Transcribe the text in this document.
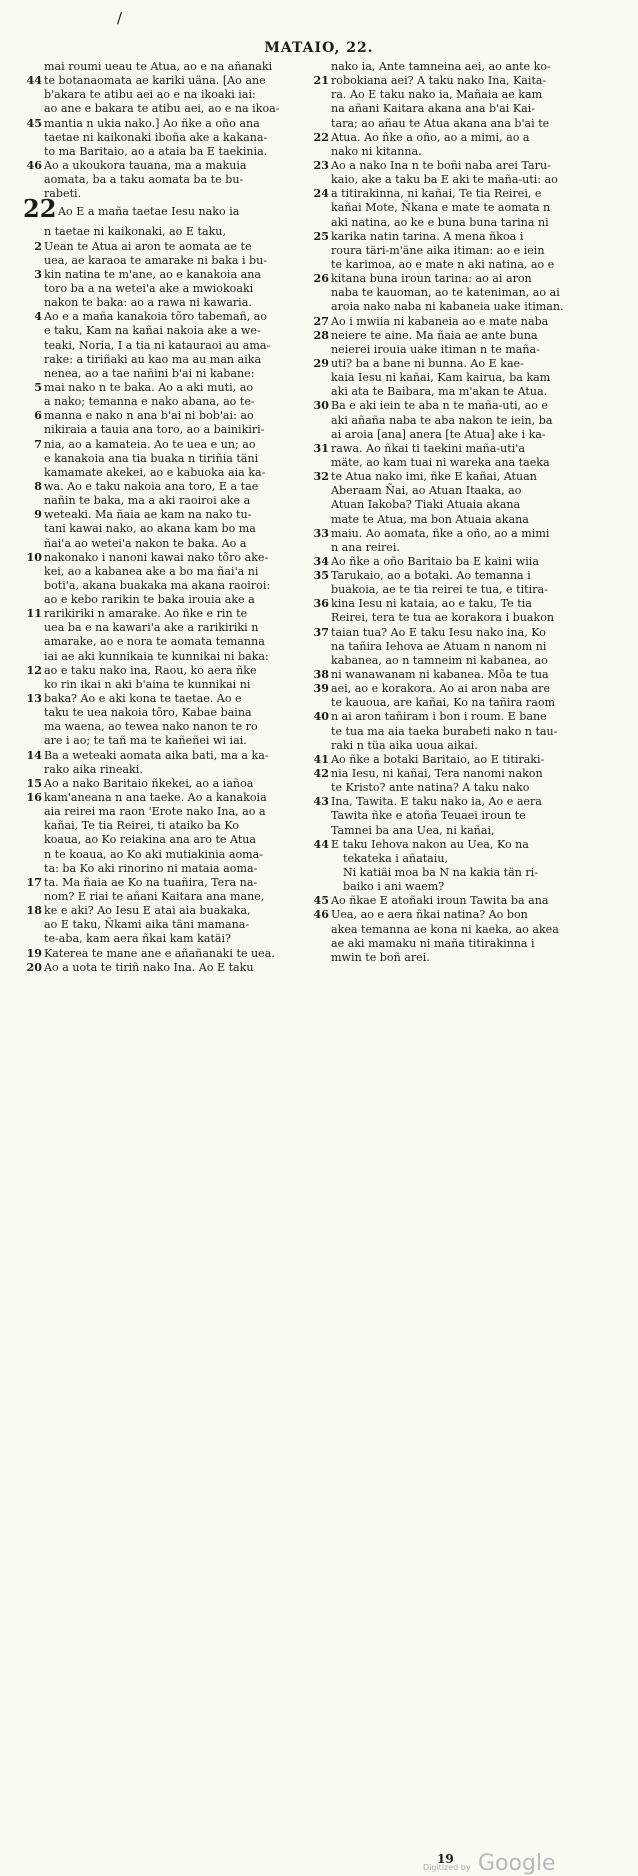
/
MATAIO, 22.
mai roumi ueau te Atua, ao e na añanaki
44 te botanaomata ae kariki uäna. [Ao ane
b'akara te atibu aei ao e na ikoaki iai:
ao ane e bakara te atibu aei, ao e na ikoa-
45 mantia n ukia nako.] Ao ñke a oño ana
taetae ni kaikonaki iboña ake a kakana-
to ma Baritaio, ao a ataia ba E taekinia.
46 Ao a ukoukora tauana, ma a makuia
aomata, ba a taku aomata ba te bu-
rabeti.
22 Ao E a maña taetae Iesu nako ia
n taetae ni kaikonaki, ao E taku,
2 Uean te Atua ai aron te aomata ae te
uea, ae karaoa te amarake ni baka i bu-
3 kin natina te m'ane, ao e kanakoia ana
toro ba a na wetei'a ake a mwiokoaki
nakon te baka: ao a rawa ni kawaria.
4 Ao e a maña kanakoia tõro tabemañ, ao
e taku, Kam na kañai nakoia ake a we-
teaki, Noria, I a tia ni katauraoi au ama-
rake: a tiriñaki au kao ma au man aika
nenea, ao a tae nañini b'ai ni kabane:
5 mai nako n te baka. Ao a aki muti, ao
a nako; temanna e nako abana, ao te-
6 manna e nako n ana b'ai ni bob'ai: ao
nikiraia a tauia ana toro, ao a bainikiri-
7 nia, ao a kamateia. Ao te uea e un; ao
e kanakoia ana tia buaka n tiriñia täni
kamamate akekei, ao e kabuoka aia ka-
8 wa. Ao e taku nakoia ana toro, E a tae
nañin te baka, ma a aki raoiroi ake a
9 weteaki. Ma ñaia ae kam na nako tu-
tani kawai nako, ao akana kam bo ma
ñai'a ao wetei'a nakon te baka. Ao a
10 nakonako i nanoni kawai nako tõro ake-
kei, ao a kabanea ake a bo ma ñai'a ni
boti'a, akana buakaka ma akana raoiroi:
ao e kebo rarikin te baka irouia ake a
11 rarikiriki n amarake. Ao ñke e rin te
uea ba e na kawari'a ake a rarikiriki n
amarake, ao e nora te aomata temanna
iai ae aki kunnikaia te kunnikai ni baka:
12 ao e taku nako ina, Raou, ko aera ñke
ko rin ikai n aki b'aina te kunnikai ni
13 baka? Ao e aki kona te taetae. Ao e
taku te uea nakoia tõro, Kabae baina
ma waena, ao tewea nako nanon te ro
are i ao; te tañ ma te kañeñei wi iai.
14 Ba a weteaki aomata aika bati, ma a ka-
rako aika rineaki.
15 Ao a nako Baritaio ñkekei, ao a iañoa
16 kam'aneana n ana taeke. Ao a kanakoia
aia reirei ma raon 'Erote nako Ina, ao a
kañai, Te tia Reirei, ti ataiko ba Ko
koaua, ao Ko reiakina ana aro te Atua
n te koaua, ao Ko aki mutiakinia aoma-
ta: ba Ko aki rinorino ni mataia aoma-
17 ta. Ma ñaia ae Ko na tuañira, Tera na-
nom? E riai te añani Kaitara ana mane,
18 ke e aki? Ao Iesu E atai aia buakaka,
ao E taku, Ñkami aika täni mamana-
te-aba, kam aera ñkai kam katäi?
19 Katerea te mane ane e añañanaki te uea.
20 Ao a uota te tiriñ nako Ina. Ao E taku
nako ia, Ante tamneina aei, ao ante ko-
21 robokiana aei? A taku nako Ina, Kaita-
ra. Ao E taku nako ia, Mañaia ae kam
na añani Kaitara akana ana b'ai Kai-
tara; ao añau te Atua akana ana b'ai te
22 Atua. Ao ñke a oño, ao a mimi, ao a
nako ni kitanna.
23 Ao a nako Ina n te boñi naba arei Taru-
kaio, ake a taku ba E aki te maña-uti: ao
24 a titirakinna, ni kañai, Te tia Reirei, e
kañai Mote, Ñkana e mate te aomata n
aki natina, ao ke e buna buna tarina ni
25 karika natin tarina. A mena ñkoa i
roura täri-m'äne aika itiman: ao e iein
te karimoa, ao e mate n aki natina, ao e
26 kitana buna iroun tarina: ao ai aron
naba te kauoman, ao te kateniman, ao ai
aroia nako naba ni kabaneia uake itiman.
27 Ao i mwiia ni kabaneia ao e mate naba
28 neiere te aine. Ma ñaia ae ante buna
neierei irouia uake itiman n te maña-
29 uti? ba a bane ni bunna. Ao E kae-
kaia Iesu ni kañai, Kam kairua, ba kam
aki ata te Baibara, ma m'akan te Atua.
30 Ba e aki iein te aba n te maña-uti, ao e
aki añaña naba te aba nakon te iein, ba
ai aroia [ana] anera [te Atua] ake i ka-
31 rawa. Ao ñkai ti taekini maña-uti'a
mäte, ao kam tuai ni wareka ana taeka
32 te Atua nako imi, ñke E kañai, Atuan
Aberaam Ñai, ao Atuan Itaaka, ao
Atuan Iakoba? Tiaki Atuaia akana
mate te Atua, ma bon Atuaia akana
33 maiu. Ao aomata, ñke a oño, ao a mimi
n ana reirei.
34 Ao ñke a oño Baritaio ba E kaini wiia
35 Tarukaio, ao a botaki. Ao temanna i
buakoia, ae te tia reirei te tua, e titira-
36 kina Iesu ni kataia, ao e taku, Te tia
Reirei, tera te tua ae korakora i buakon
37 taian tua? Ao E taku Iesu nako ina, Ko
na tañira Iehova ae Atuam n nanom ni
kabanea, ao n tamneim ni kabanea, ao
38 ni wanawanam ni kabanea. Mõa te tua
39 aei, ao e korakora. Ao ai aron naba are
te kauoua, are kañai, Ko na tañira raom
40 n ai aron tañiram i bon i roum. E bane
te tua ma aia taeka burabeti nako n tau-
raki n tüa aika uoua aikai.
41 Ao ñke a botaki Baritaio, ao E titiraki-
42 nia Iesu, ni kañai, Tera nanomi nakon
te Kristo? ante natina? A taku nako
43 Ina, Tawita. E taku nako ia, Ao e aera
Tawita ñke e atoña Teuaei iroun te
Tamnei ba ana Uea, ni kañai,
44 E taku Iehova nakon au Uea, Ko na
tekateka i añataiu,
Ni katiäi moa ba N na kakia tän ri-
baiko i ani waem?
45 Ao ñkae E atoñaki iroun Tawita ba ana
46 Uea, ao e aera ñkai natina? Ao bon
akea temanna ae kona ni kaeka, ao akea
ae aki mamaku ni maña titirakinna i
mwin te boñ arei.
19
Digitized by Google
